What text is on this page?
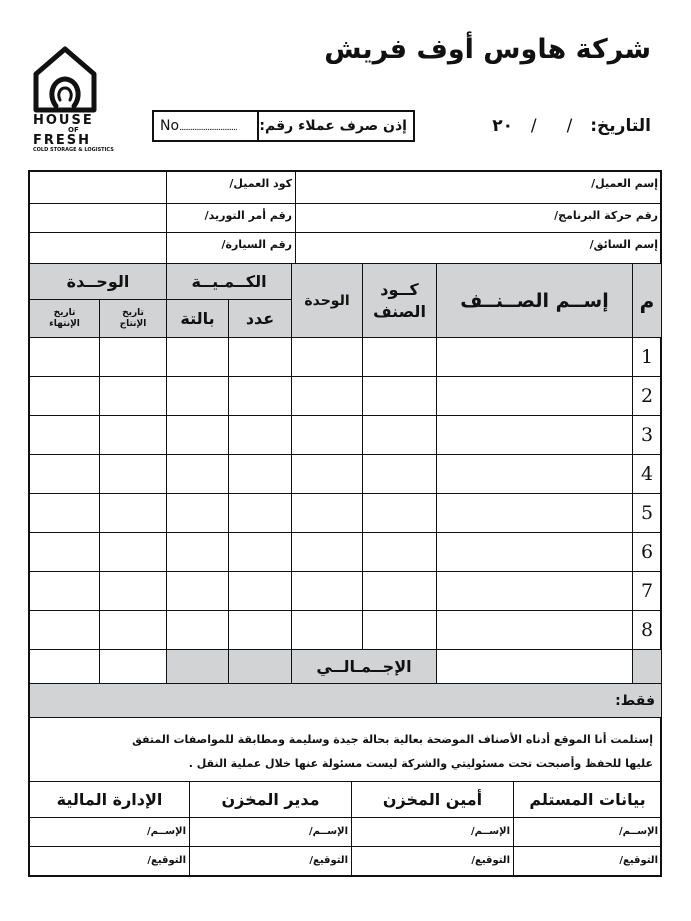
شركة هاوس أوف فريش
HOUSE
OF
FRESH
COLD STORAGE & LOGISTICS
No...............................	إذن صرف عملاء رقم:	التاريخ: / / ٢٠
إسم العميل/
كود العميل/
رقم حركة البرنامج/
رقم أمر التوريد/
إسم السائق/
رقم السيارة/
م
إســم الصــنــف
كــود الصنف
الوحدة
الكــمـيــة
عدد
بالتة
الوحــدة
تاريخ الإنتاج
تاريخ الإنتهاء
1
2
3
4
5
6
7
8
الإجــمـالــي
فقط:
إستلمت أنا الموقع أدناه الأصناف الموضحة بعالية بحالة جيدة وسليمة ومطابقة للمواصفات المتفق
عليها للحفظ وأصبحت تحت مسئوليتي والشركة ليست مسئولة عنها خلال عملية النقل .
بيانات المستلم
أمين المخزن
مدير المخزن
الإدارة المالية
الإســم/
الإســم/
الإســم/
الإســم/
التوقيع/
التوقيع/
التوقيع/
التوقيع/
